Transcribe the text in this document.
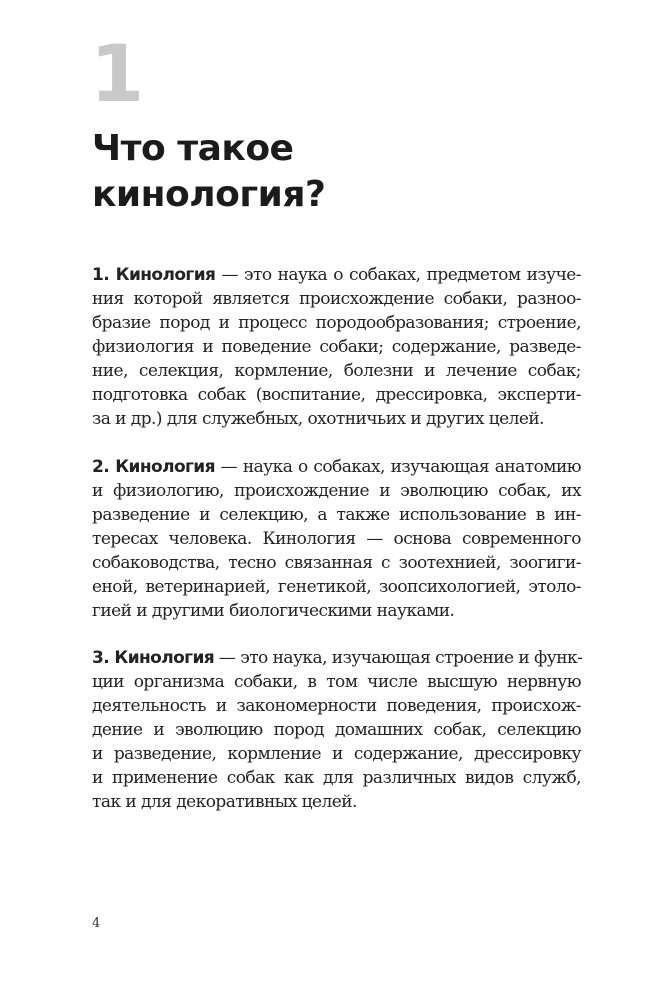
1
Что такое
кинология?

1. Кинология — это наука о собаках, предметом изуче-
ния которой является происхождение собаки, разноо-
бразие пород и процесс породообразования; строение,
физиология и поведение собаки; содержание, разведе-
ние, селекция, кормление, болезни и лечение собак;
подготовка собак (воспитание, дрессировка, эксперти-
за и др.) для служебных, охотничьих и других целей.

2. Кинология — наука о собаках, изучающая анатомию
и физиологию, происхождение и эволюцию собак, их
разведение и селекцию, а также использование в ин-
тересах человека. Кинология — основа современного
собаководства, тесно связанная с зоотехнией, зоогиги-
еной, ветеринарией, генетикой, зоопсихологией, этоло-
гией и другими биологическими науками.

3. Кинология — это наука, изучающая строение и функ-
ции организма собаки, в том числе высшую нервную
деятельность и закономерности поведения, происхож-
дение и эволюцию пород домашних собак, селекцию
и разведение, кормление и содержание, дрессировку
и применение собак как для различных видов служб,
так и для декоративных целей.

4
